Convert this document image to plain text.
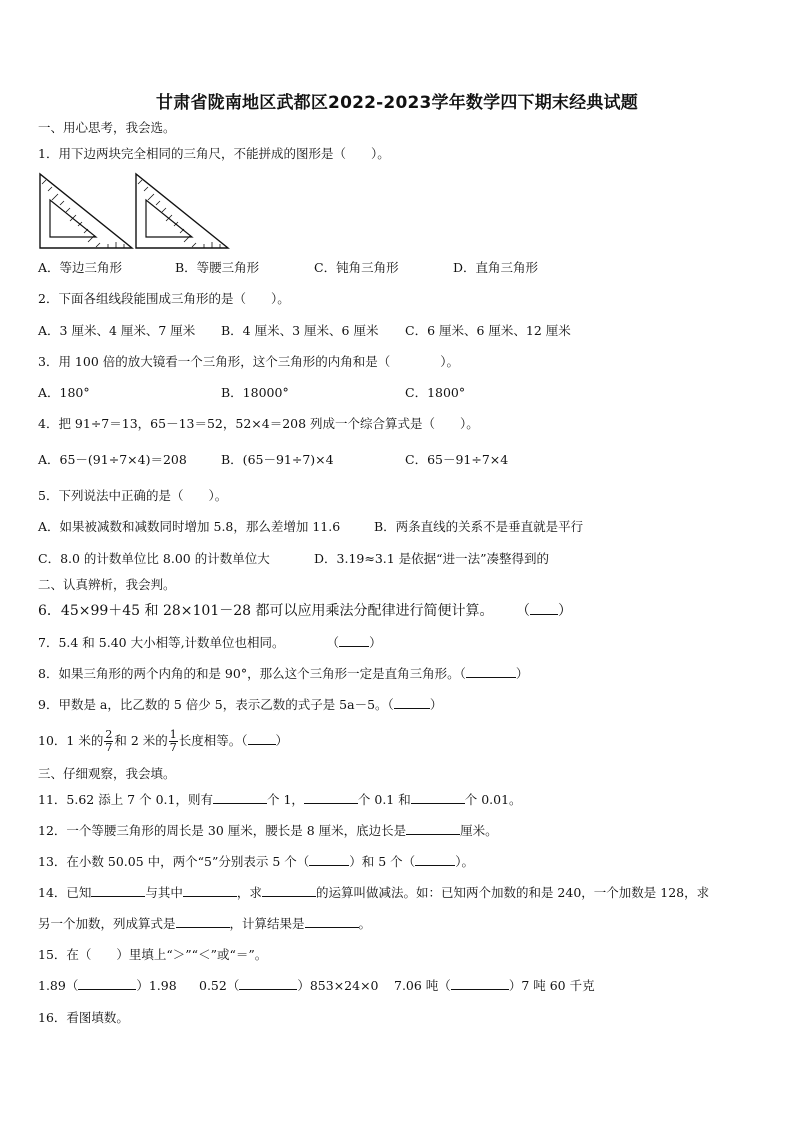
甘肃省陇南地区武都区2022-2023学年数学四下期末经典试题
一、用心思考，我会选。
1．用下边两块完全相同的三角尺，不能拼成的图形是（　　）。
A．等边三角形	B．等腰三角形	C．钝角三角形	D．直角三角形
2．下面各组线段能围成三角形的是（　　）。
A．3 厘米、4 厘米、7 厘米 B．4 厘米、3 厘米、6 厘米 C．6 厘米、6 厘米、12 厘米
3．用 100 倍的放大镜看一个三角形，这个三角形的内角和是（　　　　）。
A．180°	B．18000°	C．1800°
4．把 91÷7＝13，65－13＝52，52×4＝208 列成一个综合算式是（　　）。
A．65－(91÷7×4)＝208	B．(65－91÷7)×4	C．65－91÷7×4
5．下列说法中正确的是（　　）。
A．如果被减数和减数同时增加 5.8，那么差增加 11.6	B．两条直线的关系不是垂直就是平行
C．8.0 的计数单位比 8.00 的计数单位大	D．3.19≈3.1 是依据“进一法”凑整得到的
二、认真辨析，我会判。
6．45×99＋45 和 28×101－28 都可以应用乘法分配律进行简便计算。 （ ）
7．5.4 和 5.40 大小相等,计数单位也相同。	（ ）
8．如果三角形的两个内角的和是 90°，那么这个三角形一定是直角三角形。（	）
9．甲数是 a，比乙数的 5 倍少 5，表示乙数的式子是 5a－5。（	）
10．1 米的 $\frac{2}{7}$ 和 2 米的 $\frac{1}{7}$ 长度相等。（ ）
三、仔细观察，我会填。
11．5.62 添上 7 个 0.1，则有	个 1，	个 0.1 和	个 0.01。
12．一个等腰三角形的周长是 30 厘米，腰长是 8 厘米，底边长是	厘米。
13．在小数 50.05 中，两个“5”分别表示 5 个（	）和 5 个（	）。
14．已知	与其中	，求	的运算叫做减法。如：已知两个加数的和是 240，一个加数是 128，求
另一个加数，列成算式是	，计算结果是	。
15．在（　　）里填上“＞”“＜”或“＝”。
1.89（	）1.98 0.52（	）853×24×0 7.06 吨（	）7 吨 60 千克
16．看图填数。
